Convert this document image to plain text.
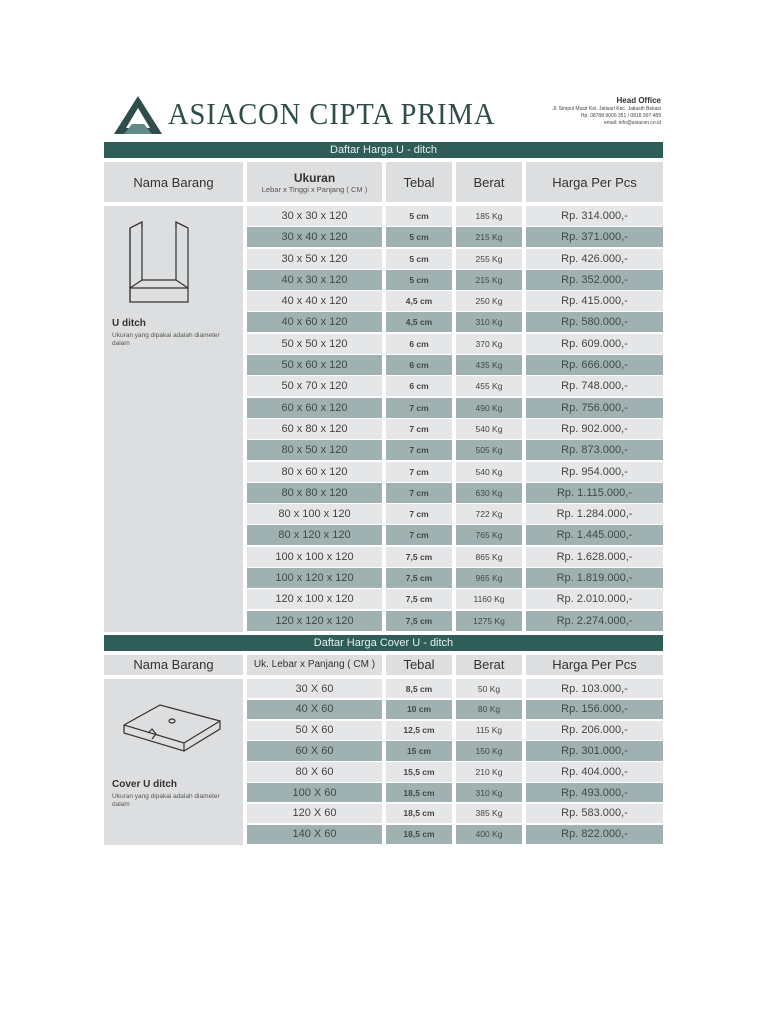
ASIACON CIPTA PRIMA	Head Office
Jl. Simpul Musir Kel. Jatisari Kec. Jatiasih Bekasi
Hp. 08788 9000 351 / 0818 997 489
email: info@asiacon.co.id
Daftar Harga U - ditch
Nama Barang	Ukuran
Lebar x Tinggi x Panjang ( CM )	Tebal	Berat	Harga Per Pcs
U ditch
Ukuran yang dipakai adalah diameter dalam
30 x 30 x 120	5 cm	185 Kg	Rp. 314.000,-
30 x 40 x 120	5 cm	215 Kg	Rp. 371.000,-
30 x 50 x 120	5 cm	255 Kg	Rp. 426.000,-
40 x 30 x 120	5 cm	215 Kg	Rp. 352.000,-
40 x 40 x 120	4,5 cm	250 Kg	Rp. 415.000,-
40 x 60 x 120	4,5 cm	310 Kg	Rp. 580.000,-
50 x 50 x 120	6 cm	370 Kg	Rp. 609.000,-
50 x 60 x 120	6 cm	435 Kg	Rp. 666.000,-
50 x 70 x 120	6 cm	455 Kg	Rp. 748.000,-
60 x 60 x 120	7 cm	490 Kg	Rp. 756.000,-
60 x 80 x 120	7 cm	540 Kg	Rp. 902.000,-
80 x 50 x 120	7 cm	505 Kg	Rp. 873.000,-
80 x 60 x 120	7 cm	540 Kg	Rp. 954.000,-
80 x 80 x 120	7 cm	630 Kg	Rp. 1.115.000,-
80 x 100 x 120	7 cm	722 Kg	Rp. 1.284.000,-
80 x 120 x 120	7 cm	765 Kg	Rp. 1.445.000,-
100 x 100 x 120	7,5 cm	865 Kg	Rp. 1.628.000,-
100 x 120 x 120	7,5 cm	965 Kg	Rp. 1.819.000,-
120 x 100 x 120	7,5 cm	1160 Kg	Rp. 2.010.000,-
120 x 120 x 120	7,5 cm	1275 Kg	Rp. 2.274.000,-
Daftar Harga Cover U - ditch
Nama Barang	Uk. Lebar x Panjang ( CM )	Tebal	Berat	Harga Per Pcs
Cover U ditch
Ukuran yang dipakai adalah diameter dalam
30 X 60	8,5 cm	50 Kg	Rp. 103.000,-
40 X 60	10 cm	80 Kg	Rp. 156.000,-
50 X 60	12,5 cm	115 Kg	Rp. 206.000,-
60 X 60	15 cm	150 Kg	Rp. 301.000,-
80 X 60	15,5 cm	210 Kg	Rp. 404.000,-
100 X 60	18,5 cm	310 Kg	Rp. 493.000,-
120 X 60	18,5 cm	385 Kg	Rp. 583.000,-
140 X 60	18,5 cm	400 Kg	Rp. 822.000,-
